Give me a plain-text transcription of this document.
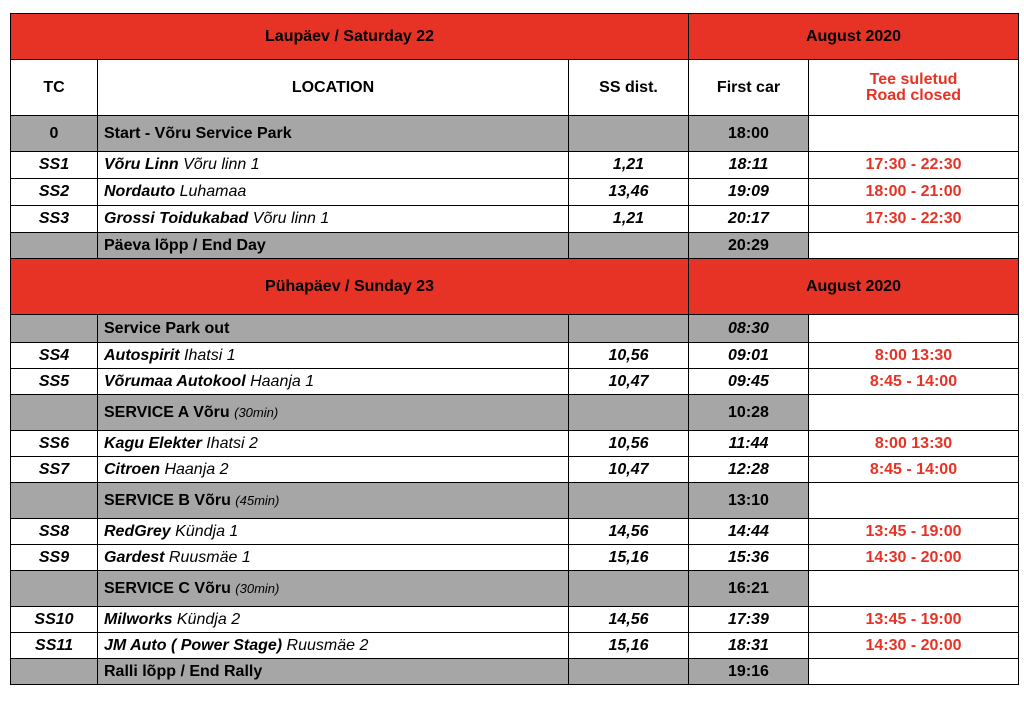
Laupäev / Saturday 22			August 2020	
TC	LOCATION	SS dist.	First car	Tee suletud
Road closed

0	Start - Võru Service Park		18:00	
SS1	Võru Linn Võru linn 1	1,21	18:11	17:30 - 22:30
SS2	Nordauto Luhamaa	13,46	19:09	18:00 - 21:00
SS3	Grossi Toidukabad Võru linn 1	1,21	20:17	17:30 - 22:30
	Päeva lõpp / End Day		20:29	
Pühapäev / Sunday 23			August 2020	
	Service Park out		08:30	
SS4	Autospirit Ihatsi 1	10,56	09:01	8:00 13:30
SS5	Võrumaa Autokool Haanja 1	10,47	09:45	8:45 - 14:00
	SERVICE A Võru (30min)		10:28	
SS6	Kagu Elekter Ihatsi 2	10,56	11:44	8:00 13:30
SS7	Citroen Haanja 2	10,47	12:28	8:45 - 14:00
	SERVICE B Võru (45min)		13:10	
SS8	RedGrey Kündja 1	14,56	14:44	13:45 - 19:00
SS9	Gardest Ruusmäe 1	15,16	15:36	14:30 - 20:00
	SERVICE C Võru (30min)		16:21	
SS10	Milworks Kündja 2	14,56	17:39	13:45 - 19:00
SS11	JM Auto ( Power Stage) Ruusmäe 2	15,16	18:31	14:30 - 20:00
	Ralli lõpp / End Rally		19:16	
